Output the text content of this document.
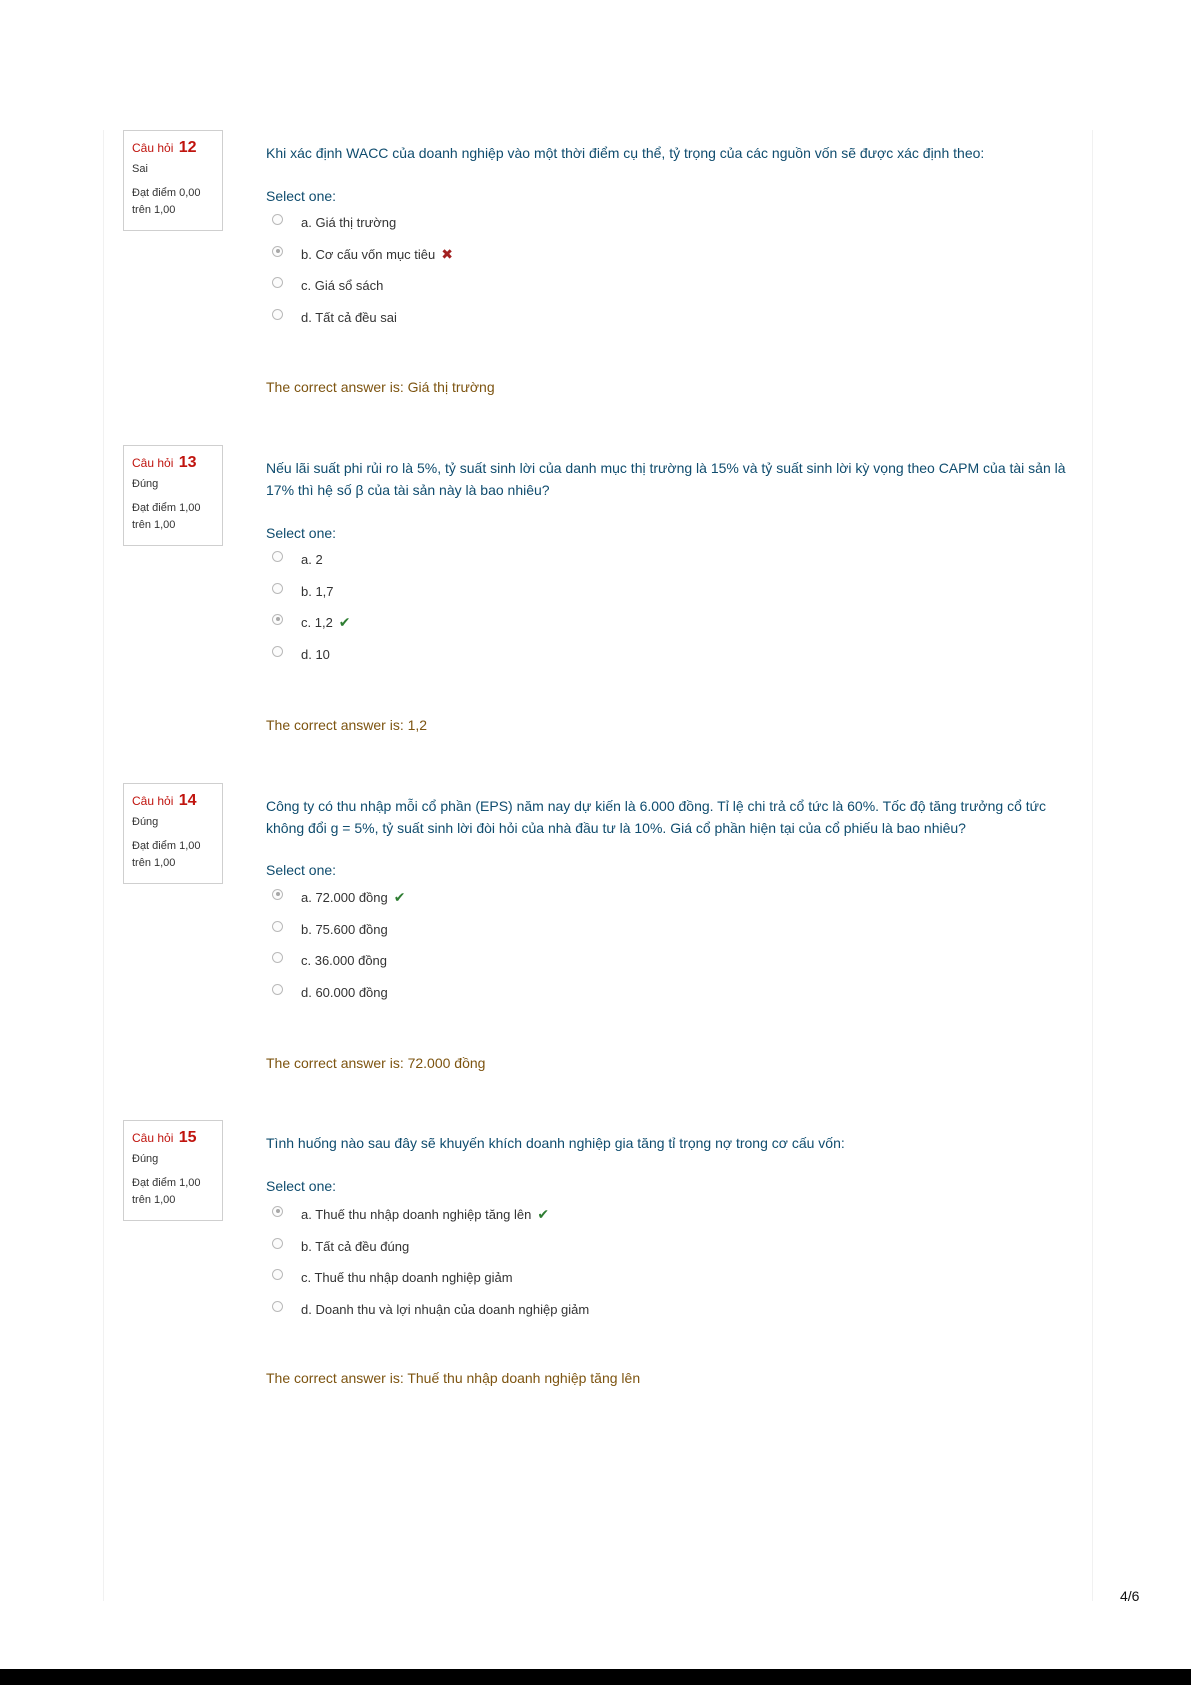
Câu hỏi 12
Sai
Đạt điểm 0,00 trên 1,00
Khi xác định WACC của doanh nghiệp vào một thời điểm cụ thể, tỷ trọng của các nguồn vốn sẽ được xác định theo:
Select one:
a. Giá thị trường
b. Cơ cấu vốn mục tiêu ✖
c. Giá sổ sách
d. Tất cả đều sai
The correct answer is: Giá thị trường
Câu hỏi 13
Đúng
Đạt điểm 1,00 trên 1,00
Nếu lãi suất phi rủi ro là 5%, tỷ suất sinh lời của danh mục thị trường là 15% và tỷ suất sinh lời kỳ vọng theo CAPM của tài sản là 17% thì hệ số β của tài sản này là bao nhiêu?
Select one:
a. 2
b. 1,7
c. 1,2 ✔
d. 10
The correct answer is: 1,2
Câu hỏi 14
Đúng
Đạt điểm 1,00 trên 1,00
Công ty có thu nhập mỗi cổ phần (EPS) năm nay dự kiến là 6.000 đồng. Tỉ lệ chi trả cổ tức là 60%. Tốc độ tăng trưởng cổ tức không đổi g = 5%, tỷ suất sinh lời đòi hỏi của nhà đầu tư là 10%. Giá cổ phần hiện tại của cổ phiếu là bao nhiêu?
Select one:
a. 72.000 đồng ✔
b. 75.600 đồng
c. 36.000 đồng
d. 60.000 đồng
The correct answer is: 72.000 đồng
Câu hỏi 15
Đúng
Đạt điểm 1,00 trên 1,00
Tình huống nào sau đây sẽ khuyến khích doanh nghiệp gia tăng tỉ trọng nợ trong cơ cấu vốn:
Select one:
a. Thuế thu nhập doanh nghiệp tăng lên ✔
b. Tất cả đều đúng
c. Thuế thu nhập doanh nghiệp giảm
d. Doanh thu và lợi nhuận của doanh nghiệp giảm
The correct answer is: Thuế thu nhập doanh nghiệp tăng lên
4/6
